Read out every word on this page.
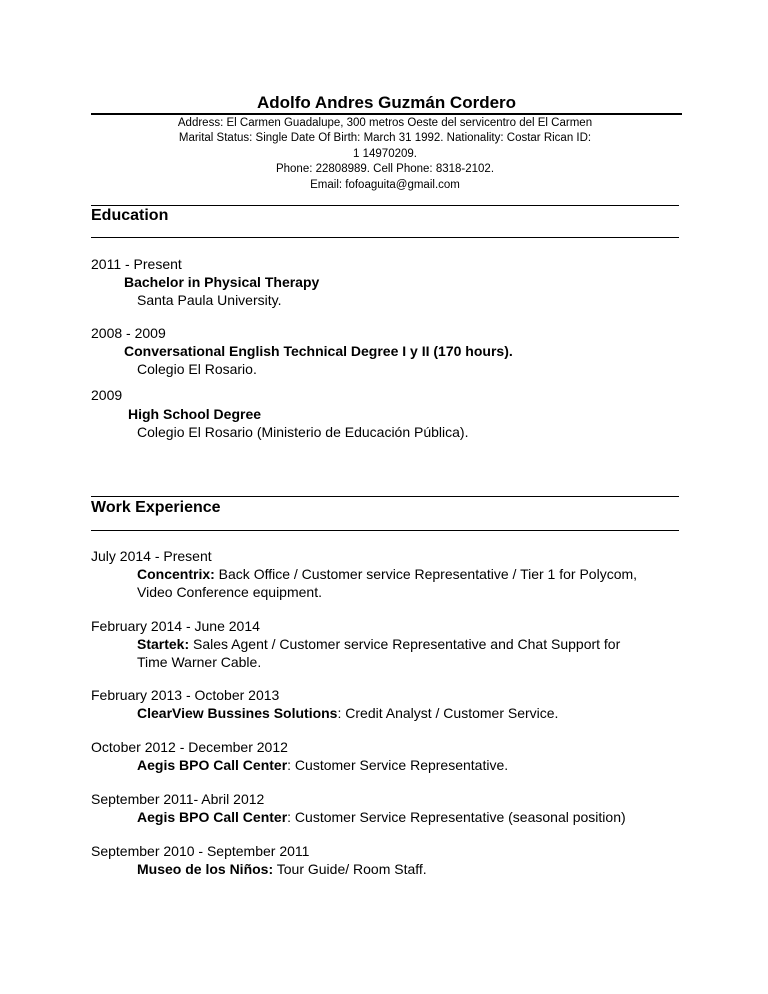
Adolfo Andres Guzmán Cordero
Address: El Carmen Guadalupe, 300 metros Oeste del servicentro del El Carmen
Marital Status: Single Date Of Birth: March 31 1992. Nationality: Costar Rican ID:
1 14970209.
Phone: 22808989. Cell Phone: 8318-2102.
Email: fofoaguita@gmail.com
Education
2011 - Present
Bachelor in Physical Therapy
Santa Paula University.
2008 - 2009
Conversational English Technical Degree I y II (170 hours).
Colegio El Rosario.
2009
High School Degree
Colegio El Rosario (Ministerio de Educación Pública).
Work Experience
July 2014 - Present
Concentrix: Back Office / Customer service Representative / Tier 1 for Polycom,
Video Conference equipment.
February 2014 - June 2014
Startek: Sales Agent / Customer service Representative and Chat Support for
Time Warner Cable.
February 2013 - October 2013
ClearView Bussines Solutions: Credit Analyst / Customer Service.
October 2012 - December 2012
Aegis BPO Call Center: Customer Service Representative.
September 2011- Abril 2012
Aegis BPO Call Center: Customer Service Representative (seasonal position)
September 2010 - September 2011
Museo de los Niños: Tour Guide/ Room Staff.
